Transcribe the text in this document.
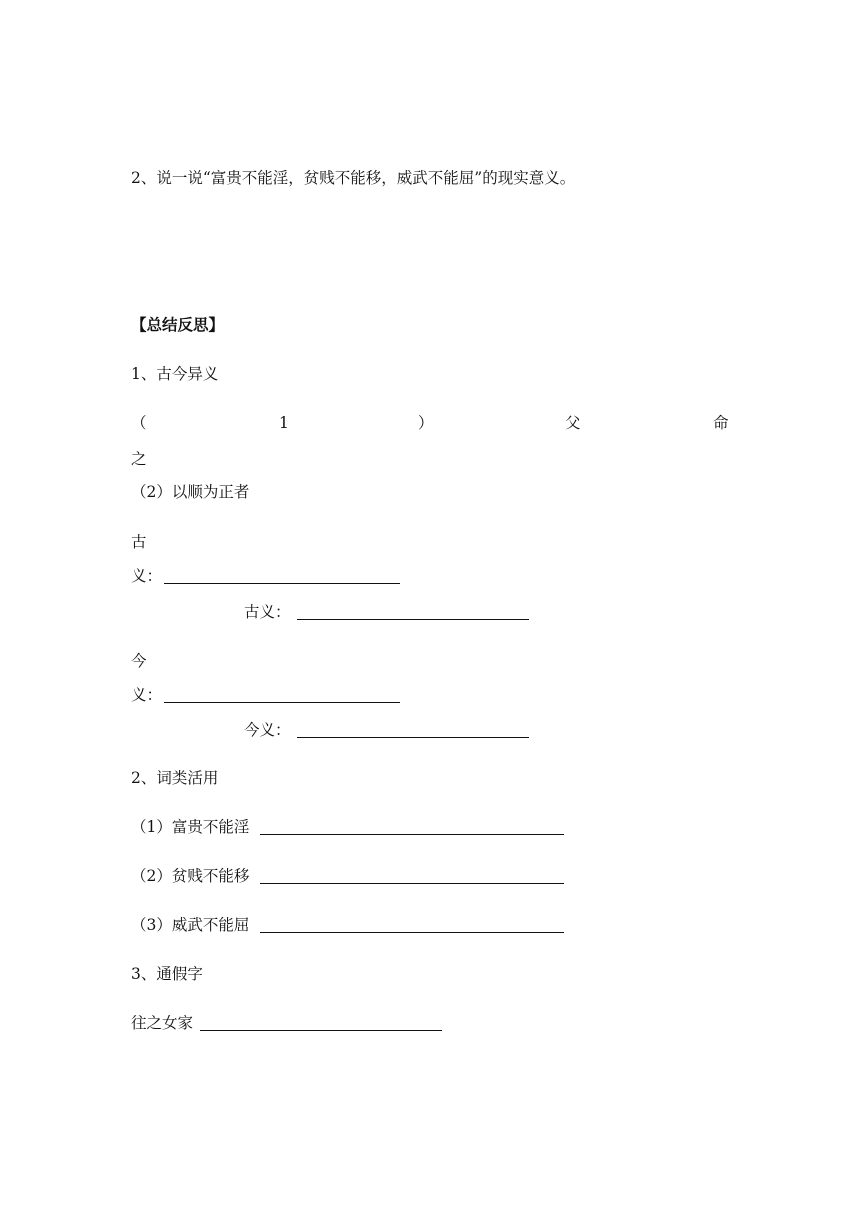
2、说一说“富贵不能淫，贫贱不能移，威武不能屈”的现实意义。
【总结反思】
1、古今异义
（	1	）	父	命
之
（2）以顺为正者
古
义：
古义：
今
义：
今义：
2、词类活用
（1）富贵不能淫
（2）贫贱不能移
（3）威武不能屈
3、通假字
往之女家
